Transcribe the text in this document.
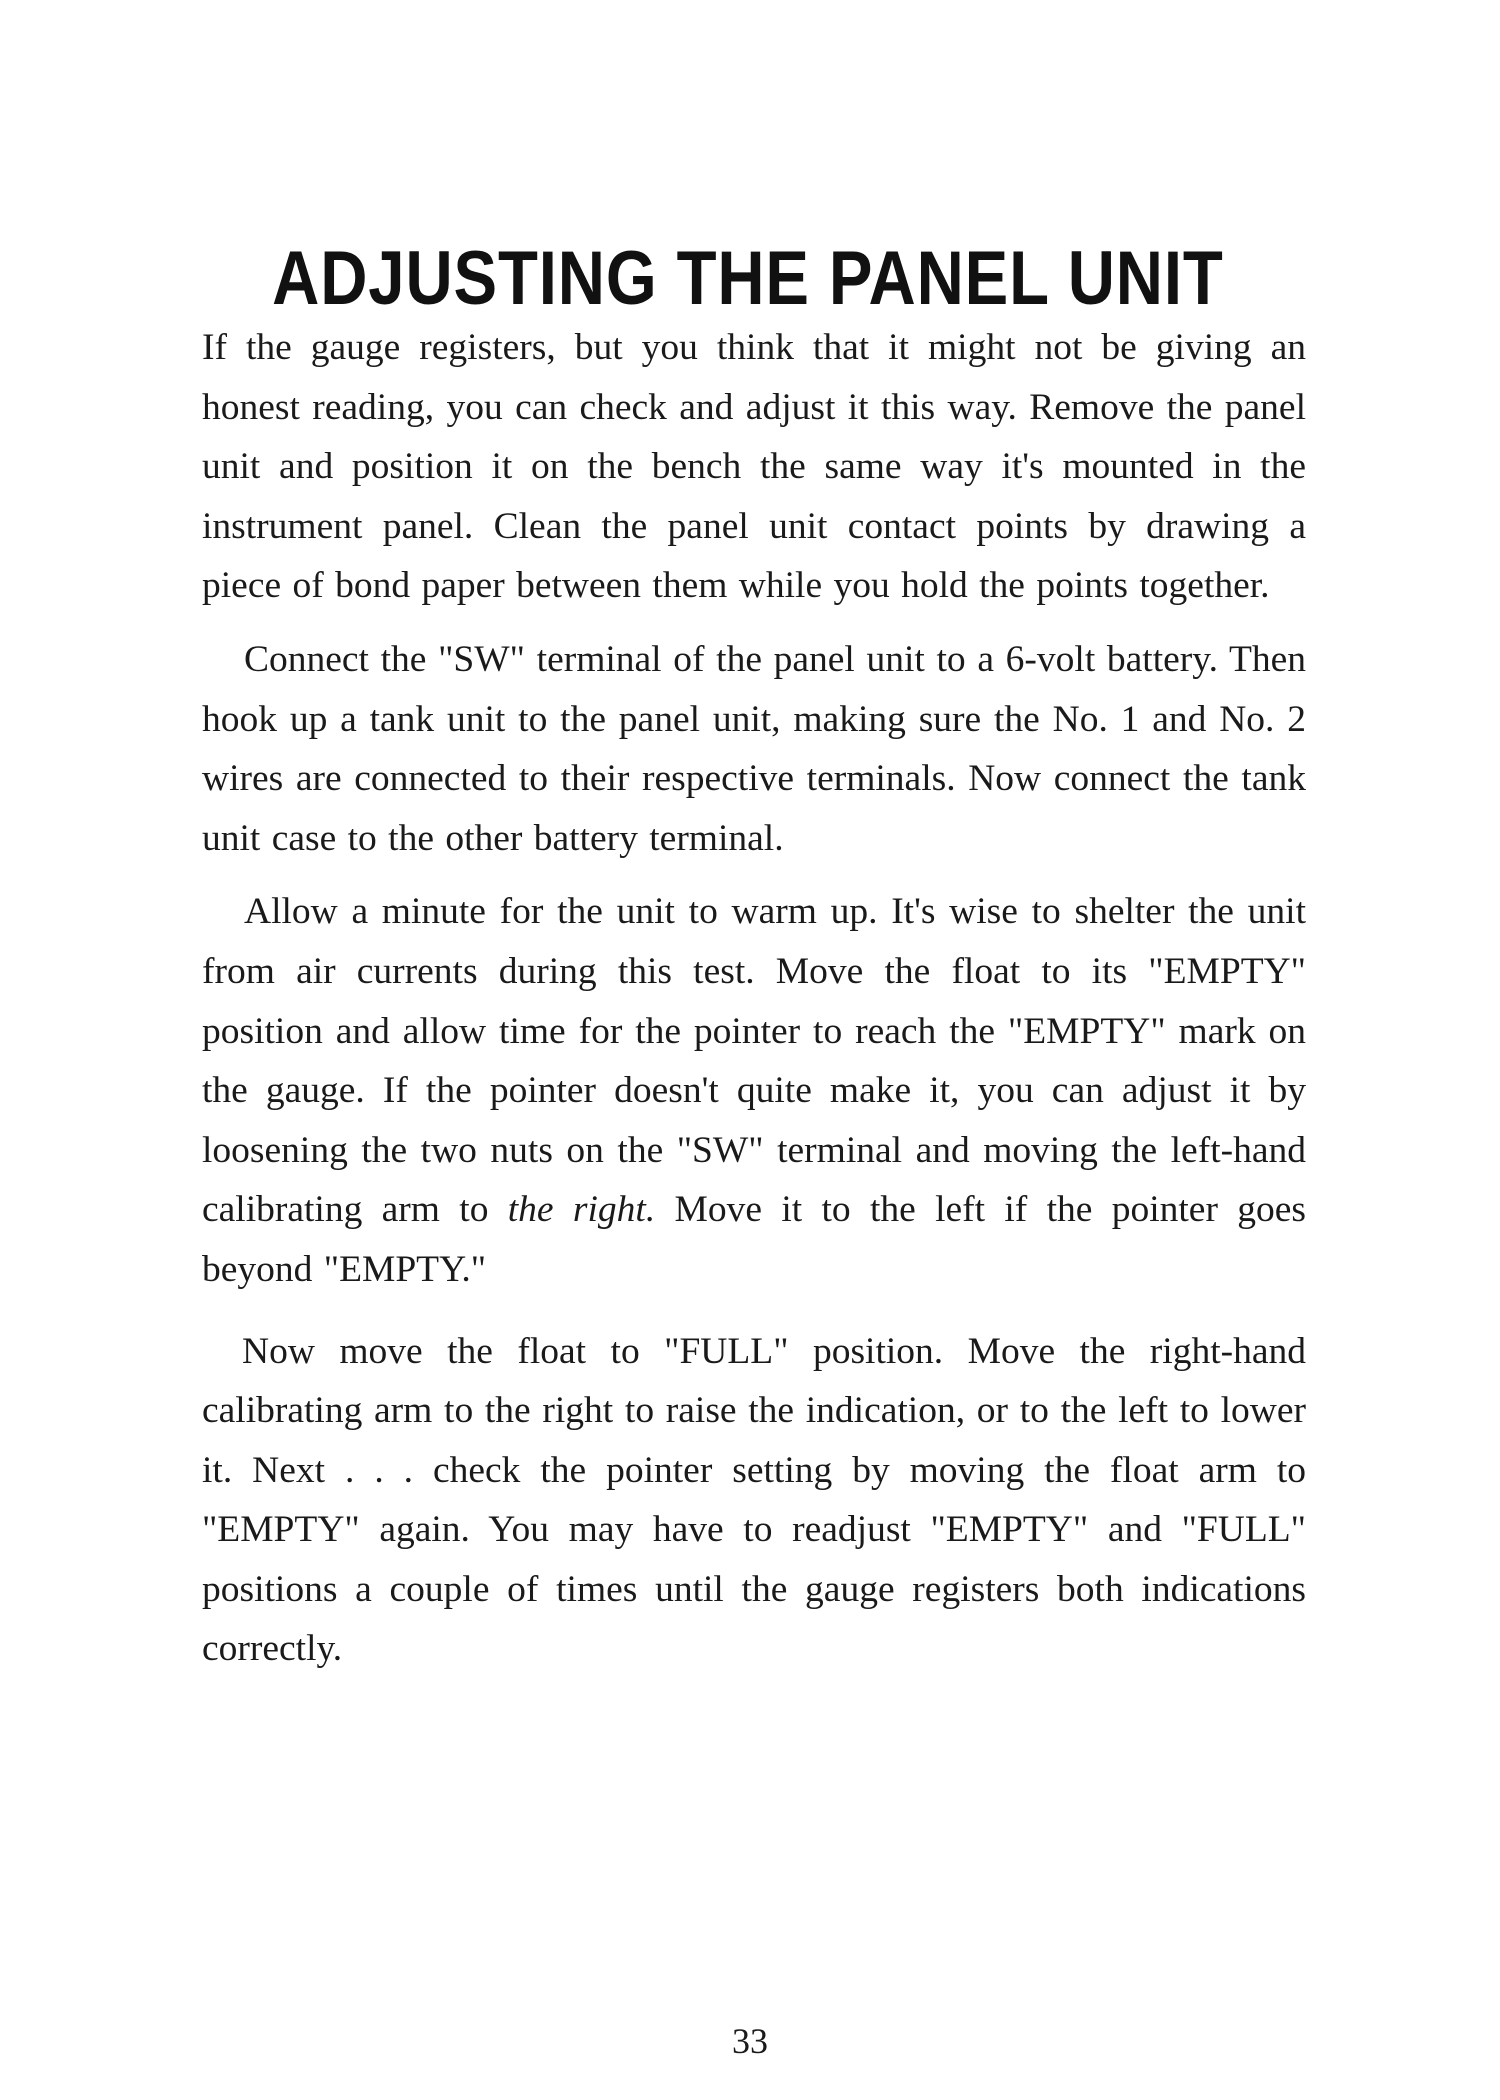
ADJUSTING THE PANEL UNIT

If the gauge registers, but you think that it might not be giving an honest reading, you can check and adjust it this way. Remove the panel unit and position it on the bench the same way it's mounted in the instrument panel. Clean the panel unit contact points by drawing a piece of bond paper between them while you hold the points together.

Connect the "SW" terminal of the panel unit to a 6-volt battery. Then hook up a tank unit to the panel unit, making sure the No. 1 and No. 2 wires are connected to their respective terminals. Now connect the tank unit case to the other battery terminal.

Allow a minute for the unit to warm up. It's wise to shelter the unit from air currents during this test. Move the float to its "EMPTY" position and allow time for the pointer to reach the "EMPTY" mark on the gauge. If the pointer doesn't quite make it, you can adjust it by loosening the two nuts on the "SW" terminal and moving the left-hand calibrating arm to the right. Move it to the left if the pointer goes beyond "EMPTY."

Now move the float to "FULL" position. Move the right-hand calibrating arm to the right to raise the indication, or to the left to lower it. Next . . . check the pointer setting by moving the float arm to "EMPTY" again. You may have to readjust "EMPTY" and "FULL" positions a couple of times until the gauge registers both indications correctly.

33
